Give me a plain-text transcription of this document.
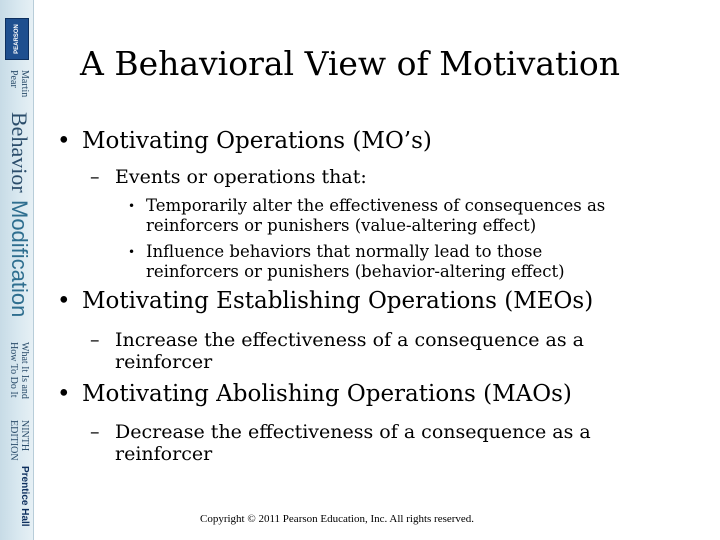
PEARSON
Martin
Pear
Behavior
Modification
What It Is and
How To Do It
NINTH
EDITION
Prentice Hall
A Behavioral View of Motivation
• Motivating Operations (MO’s)
– Events or operations that:
• Temporarily alter the effectiveness of consequences as
reinforcers or punishers (value-altering effect)
• Influence behaviors that normally lead to those
reinforcers or punishers (behavior-altering effect)
• Motivating Establishing Operations (MEOs)
– Increase the effectiveness of a consequence as a
reinforcer
• Motivating Abolishing Operations (MAOs)
– Decrease the effectiveness of a consequence as a
reinforcer
Copyright © 2011 Pearson Education, Inc. All rights reserved.
